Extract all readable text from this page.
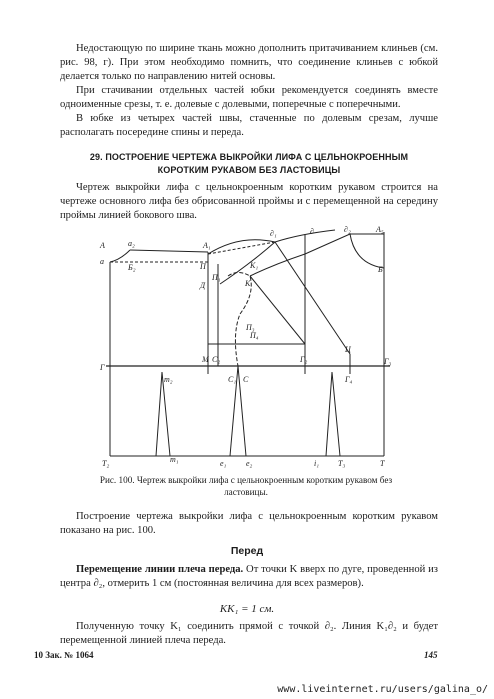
Недостающую по ширине ткань можно дополнить притачиванием клиньев (см. рис. 98, г). При этом необходимо помнить, что соединение клиньев с юбкой делается только по направлению нитей основы.
При стачивании отдельных частей юбки рекомендуется соединять вместе одноименные срезы, т. е. долевые с долевыми, поперечные с поперечными.
В юбке из четырех частей швы, стаченные по долевым срезам, лучше располагать посередине спины и переда.
29. ПОСТРОЕНИЕ ЧЕРТЕЖА ВЫКРОЙКИ ЛИФА С ЦЕЛЬНОКРОЕННЫМ КОРОТКИМ РУКАВОМ БЕЗ ЛАСТОВИЦЫ
Чертеж выкройки лифа с цельнокроенным коротким рукавом строится на чертеже основного лифа без обрисованной проймы и с перемещенной на середину проймы линией бокового шва.
А
а
Г
Т₂
а₂
Б₂
А₁
П
Д
П₁
М С₂
С₁ С
К
К₁
П₃
П₄
∂₁	∂	∂₂	А₅
Б
Г₂
Ц
Г₃
Г₄
т₂
е₁ е₂	і₁ Т₃	Т
т₁
Рис. 100. Чертеж выкройки лифа с цельнокроенным коротким рукавом без ластовицы.
Построение чертежа выкройки лифа с цельнокроенным коротким рукавом показано на рис. 100.
Перед
Перемещение линии плеча переда. От точки K вверх по дуге, проведенной из центра ∂₂, отмерить 1 см (постоянная величина для всех размеров).
KK₁ = 1 см.
Полученную точку K₁ соединить прямой с точкой ∂₂. Линия K₁∂₂ и будет перемещенной линией плеча переда.
10 Зак. № 1064	145
www.liveinternet.ru/users/galina_o/
